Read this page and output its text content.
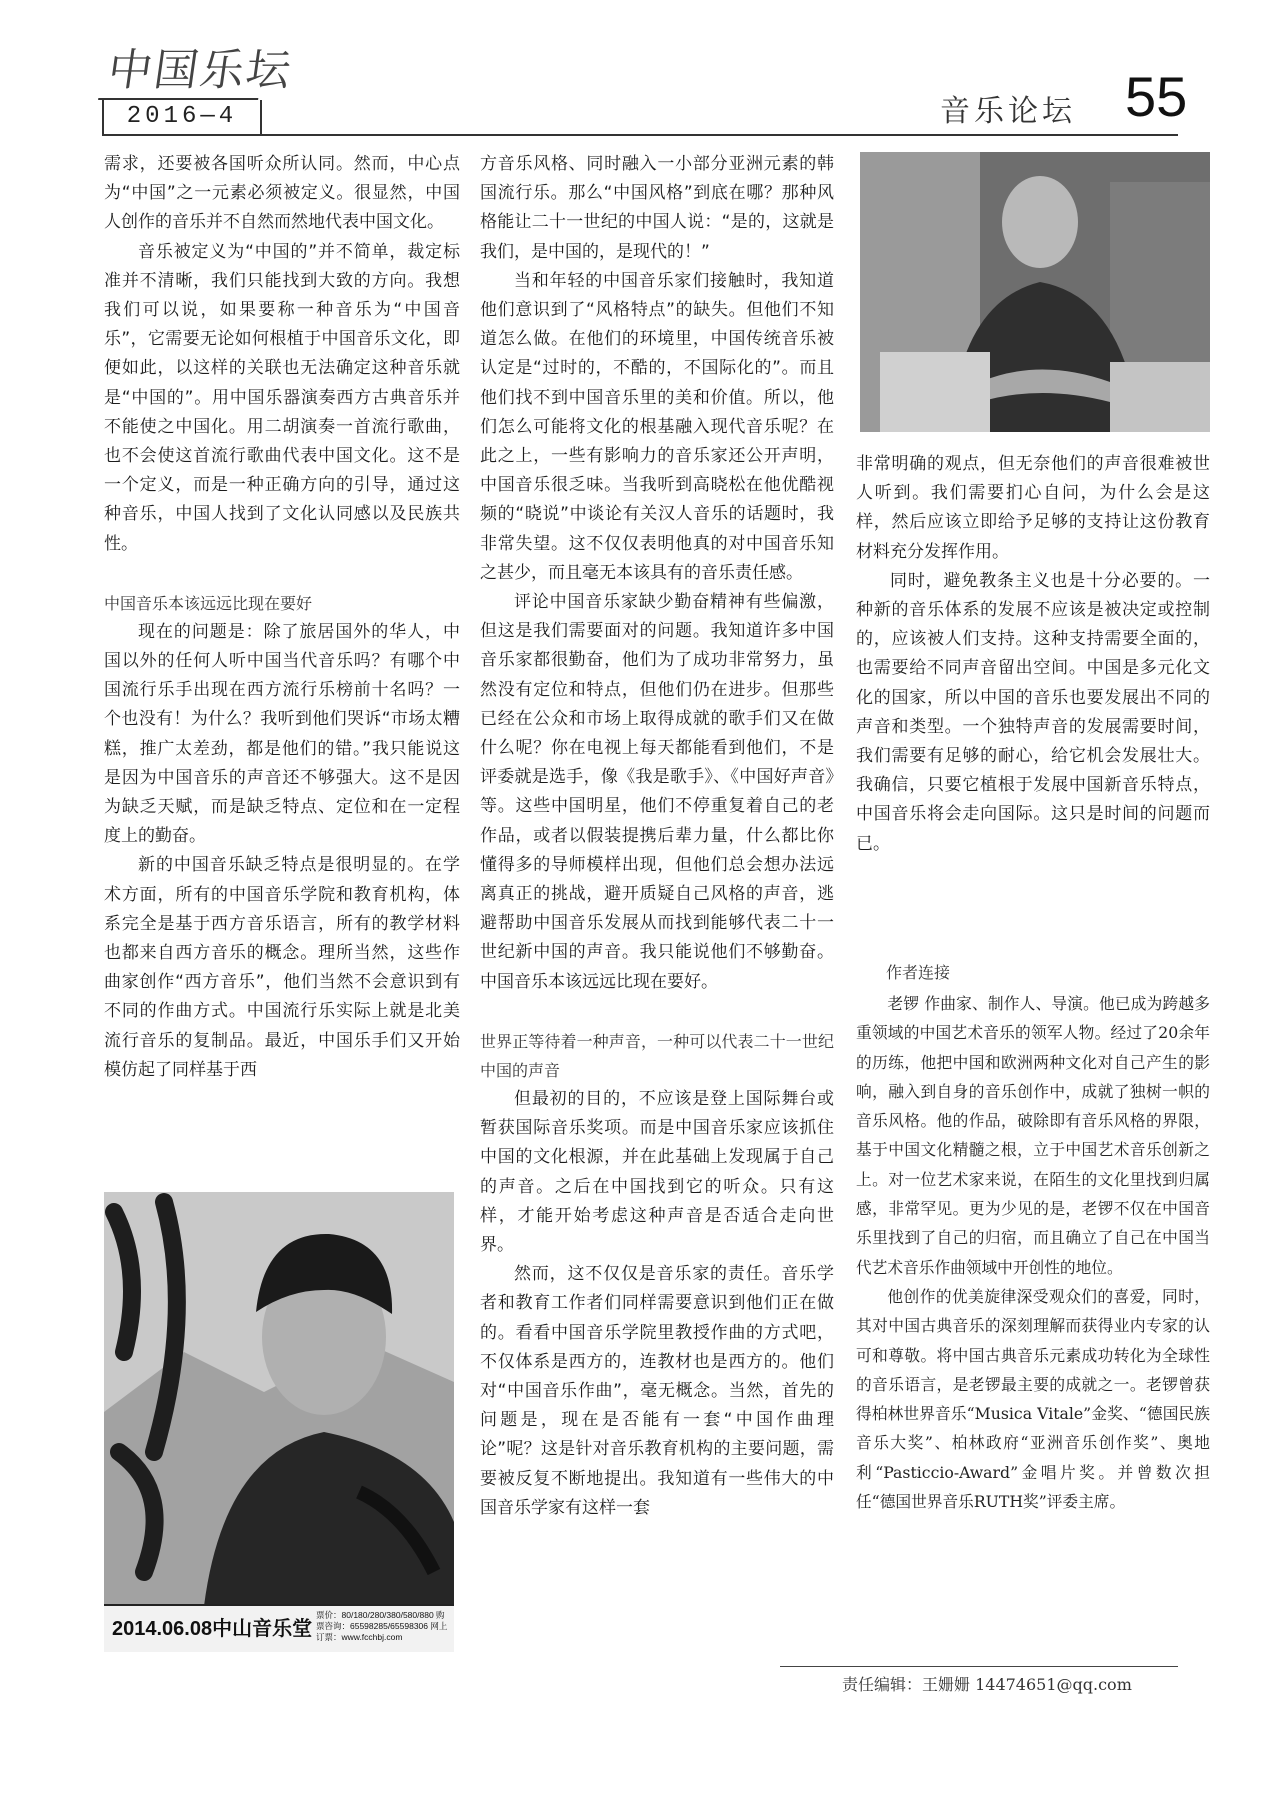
中国乐坛
2016—4	音乐论坛 55

需求，还要被各国听众所认同。然而，中心点为“中国”之一元素必须被定义。很显然，中国人创作的音乐并不自然而然地代表中国文化。

音乐被定义为“中国的”并不简单，裁定标准并不清晰，我们只能找到大致的方向。我想我们可以说，如果要称一种音乐为“中国音乐”，它需要无论如何根植于中国音乐文化，即便如此，以这样的关联也无法确定这种音乐就是“中国的”。用中国乐器演奏西方古典音乐并不能使之中国化。用二胡演奏一首流行歌曲，也不会使这首流行歌曲代表中国文化。这不是一个定义，而是一种正确方向的引导，通过这种音乐，中国人找到了文化认同感以及民族共性。

中国音乐本该远远比现在要好

现在的问题是：除了旅居国外的华人，中国以外的任何人听中国当代音乐吗？有哪个中国流行乐手出现在西方流行乐榜前十名吗？一个也没有！为什么？我听到他们哭诉“市场太糟糕，推广太差劲，都是他们的错。”我只能说这是因为中国音乐的声音还不够强大。这不是因为缺乏天赋，而是缺乏特点、定位和在一定程度上的勤奋。

新的中国音乐缺乏特点是很明显的。在学术方面，所有的中国音乐学院和教育机构，体系完全是基于西方音乐语言，所有的教学材料也都来自西方音乐的概念。理所当然，这些作曲家创作“西方音乐”，他们当然不会意识到有不同的作曲方式。中国流行乐实际上就是北美流行音乐的复制品。最近，中国乐手们又开始模仿起了同样基于西

方音乐风格、同时融入一小部分亚洲元素的韩国流行乐。那么“中国风格”到底在哪？那种风格能让二十一世纪的中国人说：“是的，这就是我们，是中国的，是现代的！”

当和年轻的中国音乐家们接触时，我知道他们意识到了“风格特点”的缺失。但他们不知道怎么做。在他们的环境里，中国传统音乐被认定是“过时的，不酷的，不国际化的”。而且他们找不到中国音乐里的美和价值。所以，他们怎么可能将文化的根基融入现代音乐呢？在此之上，一些有影响力的音乐家还公开声明，中国音乐很乏味。当我听到高晓松在他优酷视频的“晓说”中谈论有关汉人音乐的话题时，我非常失望。这不仅仅表明他真的对中国音乐知之甚少，而且毫无本该具有的音乐责任感。

评论中国音乐家缺少勤奋精神有些偏激，但这是我们需要面对的问题。我知道许多中国音乐家都很勤奋，他们为了成功非常努力，虽然没有定位和特点，但他们仍在进步。但那些已经在公众和市场上取得成就的歌手们又在做什么呢？你在电视上每天都能看到他们，不是评委就是选手，像《我是歌手》、《中国好声音》等。这些中国明星，他们不停重复着自己的老作品，或者以假装提携后辈力量，什么都比你懂得多的导师模样出现，但他们总会想办法远离真正的挑战，避开质疑自己风格的声音，逃避帮助中国音乐发展从而找到能够代表二十一世纪新中国的声音。我只能说他们不够勤奋。中国音乐本该远远比现在要好。

世界正等待着一种声音，一种可以代表二十一世纪中国的声音

但最初的目的，不应该是登上国际舞台或暂获国际音乐奖项。而是中国音乐家应该抓住中国的文化根源，并在此基础上发现属于自己的声音。之后在中国找到它的听众。只有这样，才能开始考虑这种声音是否适合走向世界。

然而，这不仅仅是音乐家的责任。音乐学者和教育工作者们同样需要意识到他们正在做的。看看中国音乐学院里教授作曲的方式吧，不仅体系是西方的，连教材也是西方的。他们对“中国音乐作曲”，毫无概念。当然，首先的问题是，现在是否能有一套“中国作曲理论”呢？这是针对音乐教育机构的主要问题，需要被反复不断地提出。我知道有一些伟大的中国音乐学家有这样一套

非常明确的观点，但无奈他们的声音很难被世人听到。我们需要扪心自问，为什么会是这样，然后应该立即给予足够的支持让这份教育材料充分发挥作用。

同时，避免教条主义也是十分必要的。一种新的音乐体系的发展不应该是被决定或控制的，应该被人们支持。这种支持需要全面的，也需要给不同声音留出空间。中国是多元化文化的国家，所以中国的音乐也要发展出不同的声音和类型。一个独特声音的发展需要时间，我们需要有足够的耐心，给它机会发展壮大。我确信，只要它植根于发展中国新音乐特点，中国音乐将会走向国际。这只是时间的问题而已。

作者连接

老锣 作曲家、制作人、导演。他已成为跨越多重领域的中国艺术音乐的领军人物。经过了20余年的历练，他把中国和欧洲两种文化对自己产生的影响，融入到自身的音乐创作中，成就了独树一帜的音乐风格。他的作品，破除即有音乐风格的界限，基于中国文化精髓之根，立于中国艺术音乐创新之上。对一位艺术家来说，在陌生的文化里找到归属感，非常罕见。更为少见的是，老锣不仅在中国音乐里找到了自己的归宿，而且确立了自己在中国当代艺术音乐作曲领域中开创性的地位。

他创作的优美旋律深受观众们的喜爱，同时，其对中国古典音乐的深刻理解而获得业内专家的认可和尊敬。将中国古典音乐元素成功转化为全球性的音乐语言，是老锣最主要的成就之一。老锣曾获得柏林世界音乐“Musica Vitale”金奖、“德国民族音乐大奖”、柏林政府“亚洲音乐创作奖”、奥地利“Pasticcio-Award”金唱片奖。并曾数次担任“德国世界音乐RUTH奖”评委主席。

2014.06.08中山音乐堂
票价：80/180/280/380/580/880 购票咨询：65598285/65598306 网上订票：www.fcchbj.com
责任编辑：王姗姗 14474651@qq.com
